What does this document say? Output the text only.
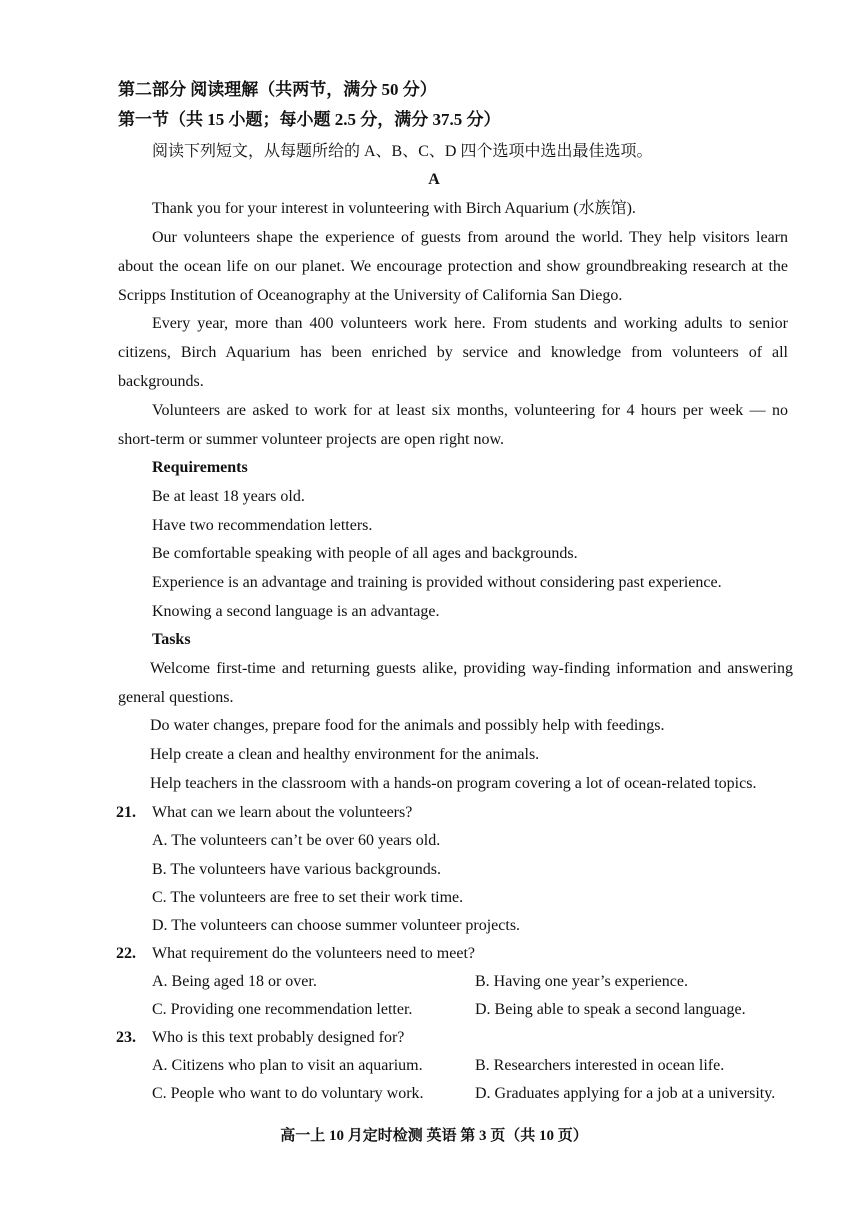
第二部分 阅读理解（共两节，满分 50 分）
第一节（共 15 小题；每小题 2.5 分，满分 37.5 分）
阅读下列短文，从每题所给的 A、B、C、D 四个选项中选出最佳选项。
A
Thank you for your interest in volunteering with Birch Aquarium (水族馆).
Our volunteers shape the experience of guests from around the world. They help visitors learn
about the ocean life on our planet. We encourage protection and show groundbreaking research at the
Scripps Institution of Oceanography at the University of California San Diego.
Every year, more than 400 volunteers work here. From students and working adults to senior
citizens, Birch Aquarium has been enriched by service and knowledge from volunteers of all
backgrounds.
Volunteers are asked to work for at least six months, volunteering for 4 hours per week — no
short-term or summer volunteer projects are open right now.
Requirements
Be at least 18 years old.
Have two recommendation letters.
Be comfortable speaking with people of all ages and backgrounds.
Experience is an advantage and training is provided without considering past experience.
Knowing a second language is an advantage.
Tasks
Welcome first-time and returning guests alike, providing way-finding information and answering
general questions.
Do water changes, prepare food for the animals and possibly help with feedings.
Help create a clean and healthy environment for the animals.
Help teachers in the classroom with a hands-on program covering a lot of ocean-related topics.
21. What can we learn about the volunteers?
A. The volunteers can’t be over 60 years old.
B. The volunteers have various backgrounds.
C. The volunteers are free to set their work time.
D. The volunteers can choose summer volunteer projects.
22. What requirement do the volunteers need to meet?
A. Being aged 18 or over.	B. Having one year’s experience.
C. Providing one recommendation letter.	D. Being able to speak a second language.
23. Who is this text probably designed for?
A. Citizens who plan to visit an aquarium.	B. Researchers interested in ocean life.
C. People who want to do voluntary work.	D. Graduates applying for a job at a university.
高一上 10 月定时检测 英语 第 3 页（共 10 页）
